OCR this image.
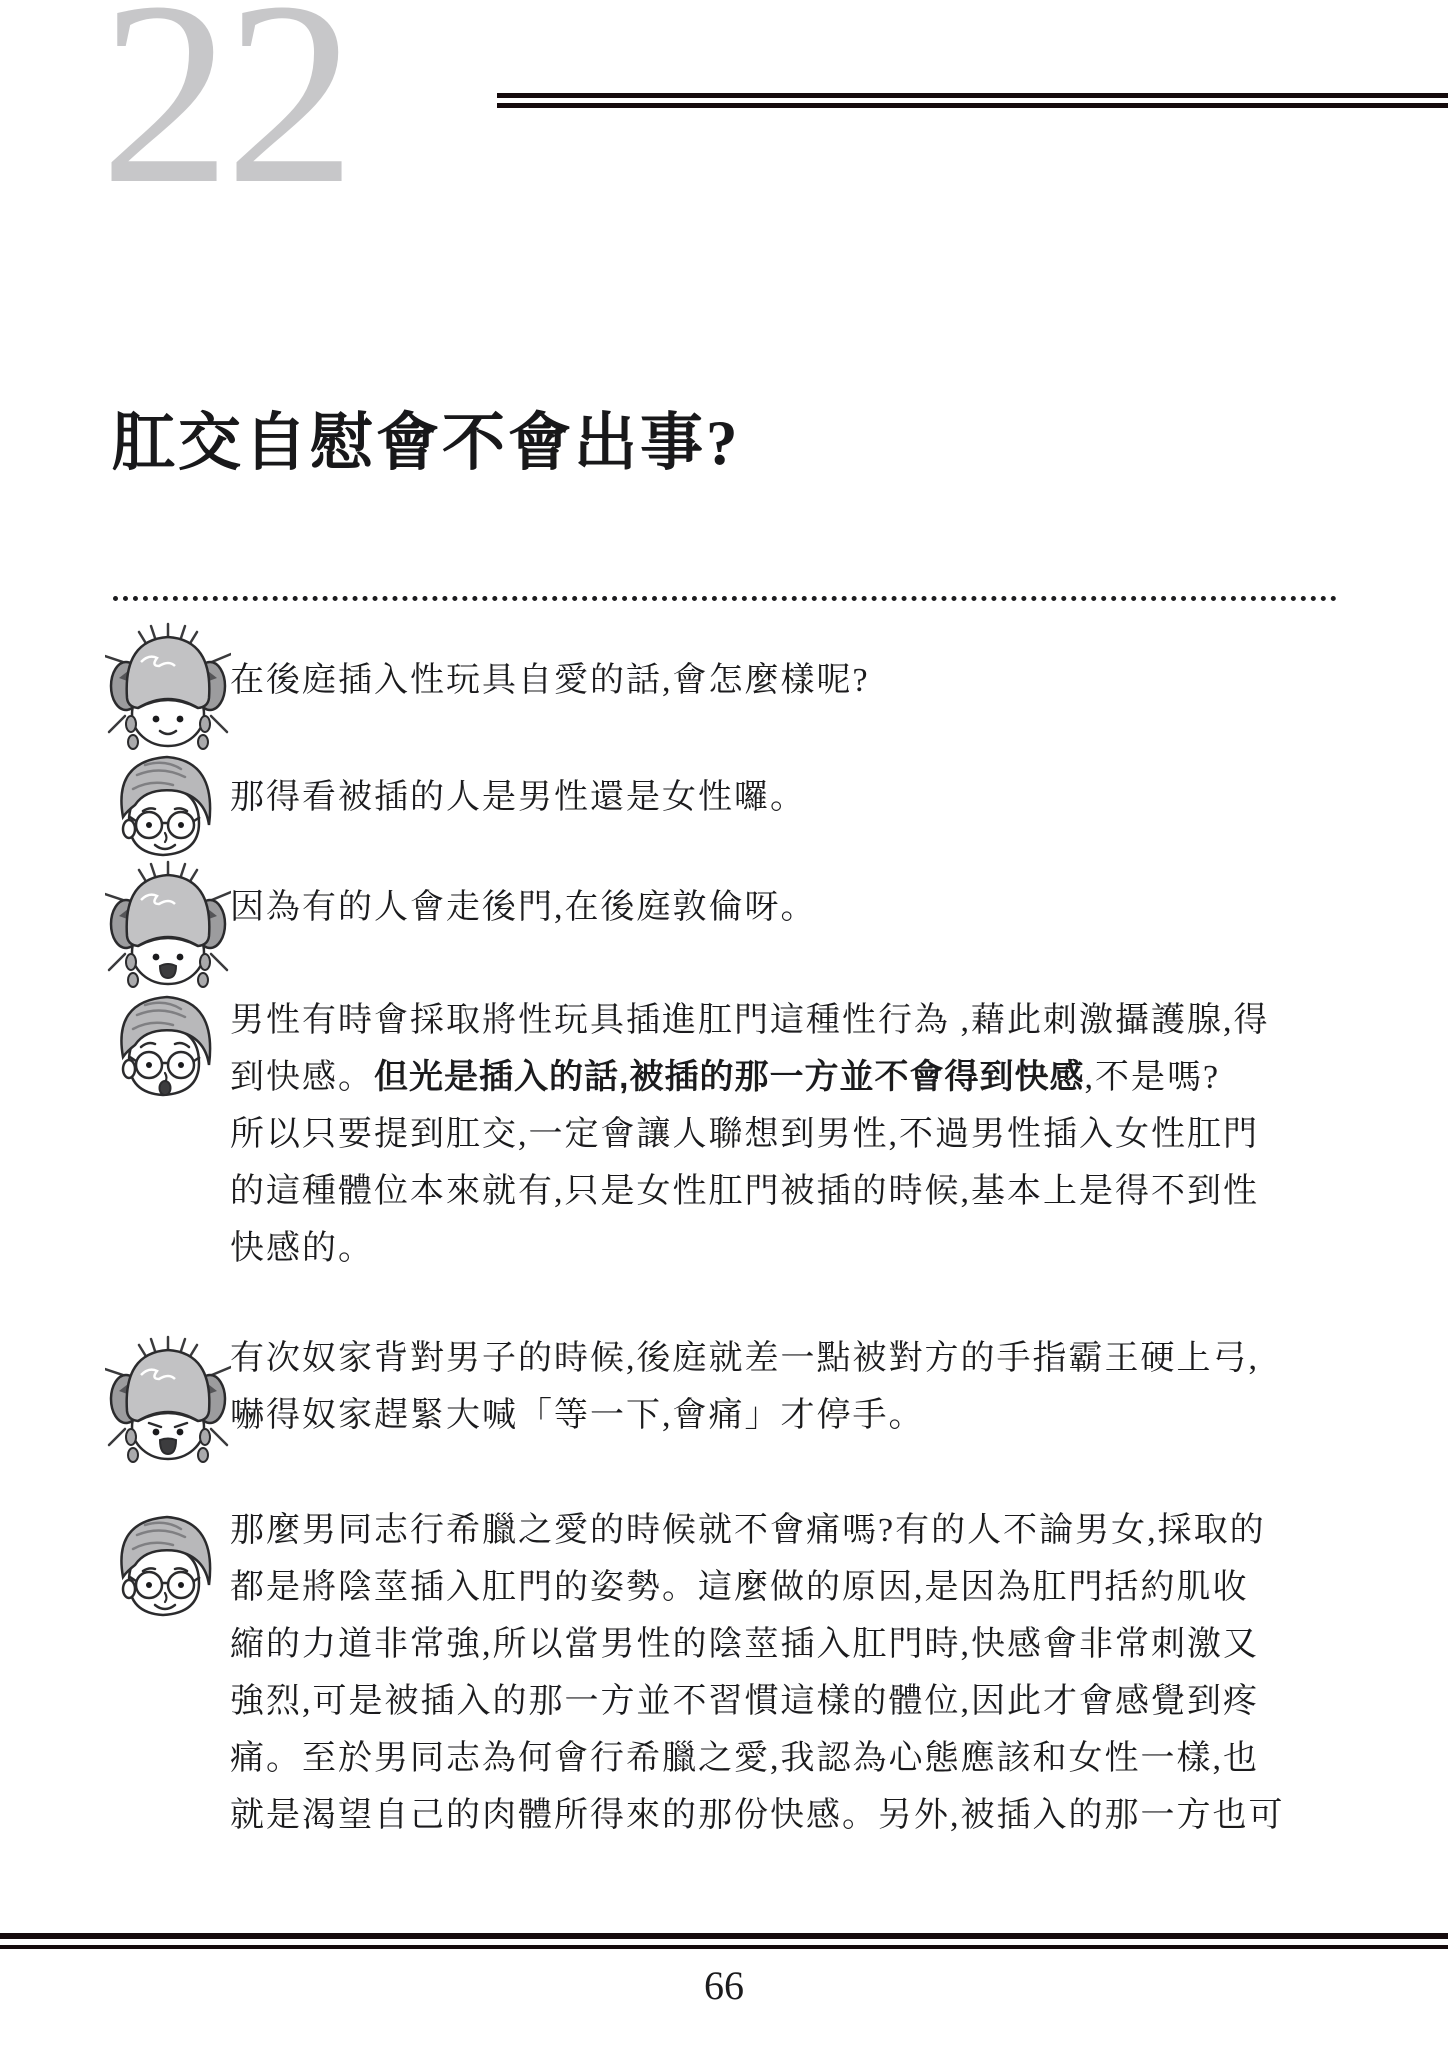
22
肛交自慰會不會出事?
在後庭插入性玩具自愛的話,會怎麼樣呢?
那得看被插的人是男性還是女性囉。
因為有的人會走後門,在後庭敦倫呀。
男性有時會採取將性玩具插進肛門這種性行為 ,藉此刺激攝護腺,得
到快感。但光是插入的話,被插的那一方並不會得到快感,不是嗎?
所以只要提到肛交,一定會讓人聯想到男性,不過男性插入女性肛門
的這種體位本來就有,只是女性肛門被插的時候,基本上是得不到性
快感的。
有次奴家背對男子的時候,後庭就差一點被對方的手指霸王硬上弓,
嚇得奴家趕緊大喊「等一下,會痛」才停手。
那麼男同志行希臘之愛的時候就不會痛嗎?有的人不論男女,採取的
都是將陰莖插入肛門的姿勢。這麼做的原因,是因為肛門括約肌收
縮的力道非常強,所以當男性的陰莖插入肛門時,快感會非常刺激又
強烈,可是被插入的那一方並不習慣這樣的體位,因此才會感覺到疼
痛。至於男同志為何會行希臘之愛,我認為心態應該和女性一樣,也
就是渴望自己的肉體所得來的那份快感。另外,被插入的那一方也可
66
